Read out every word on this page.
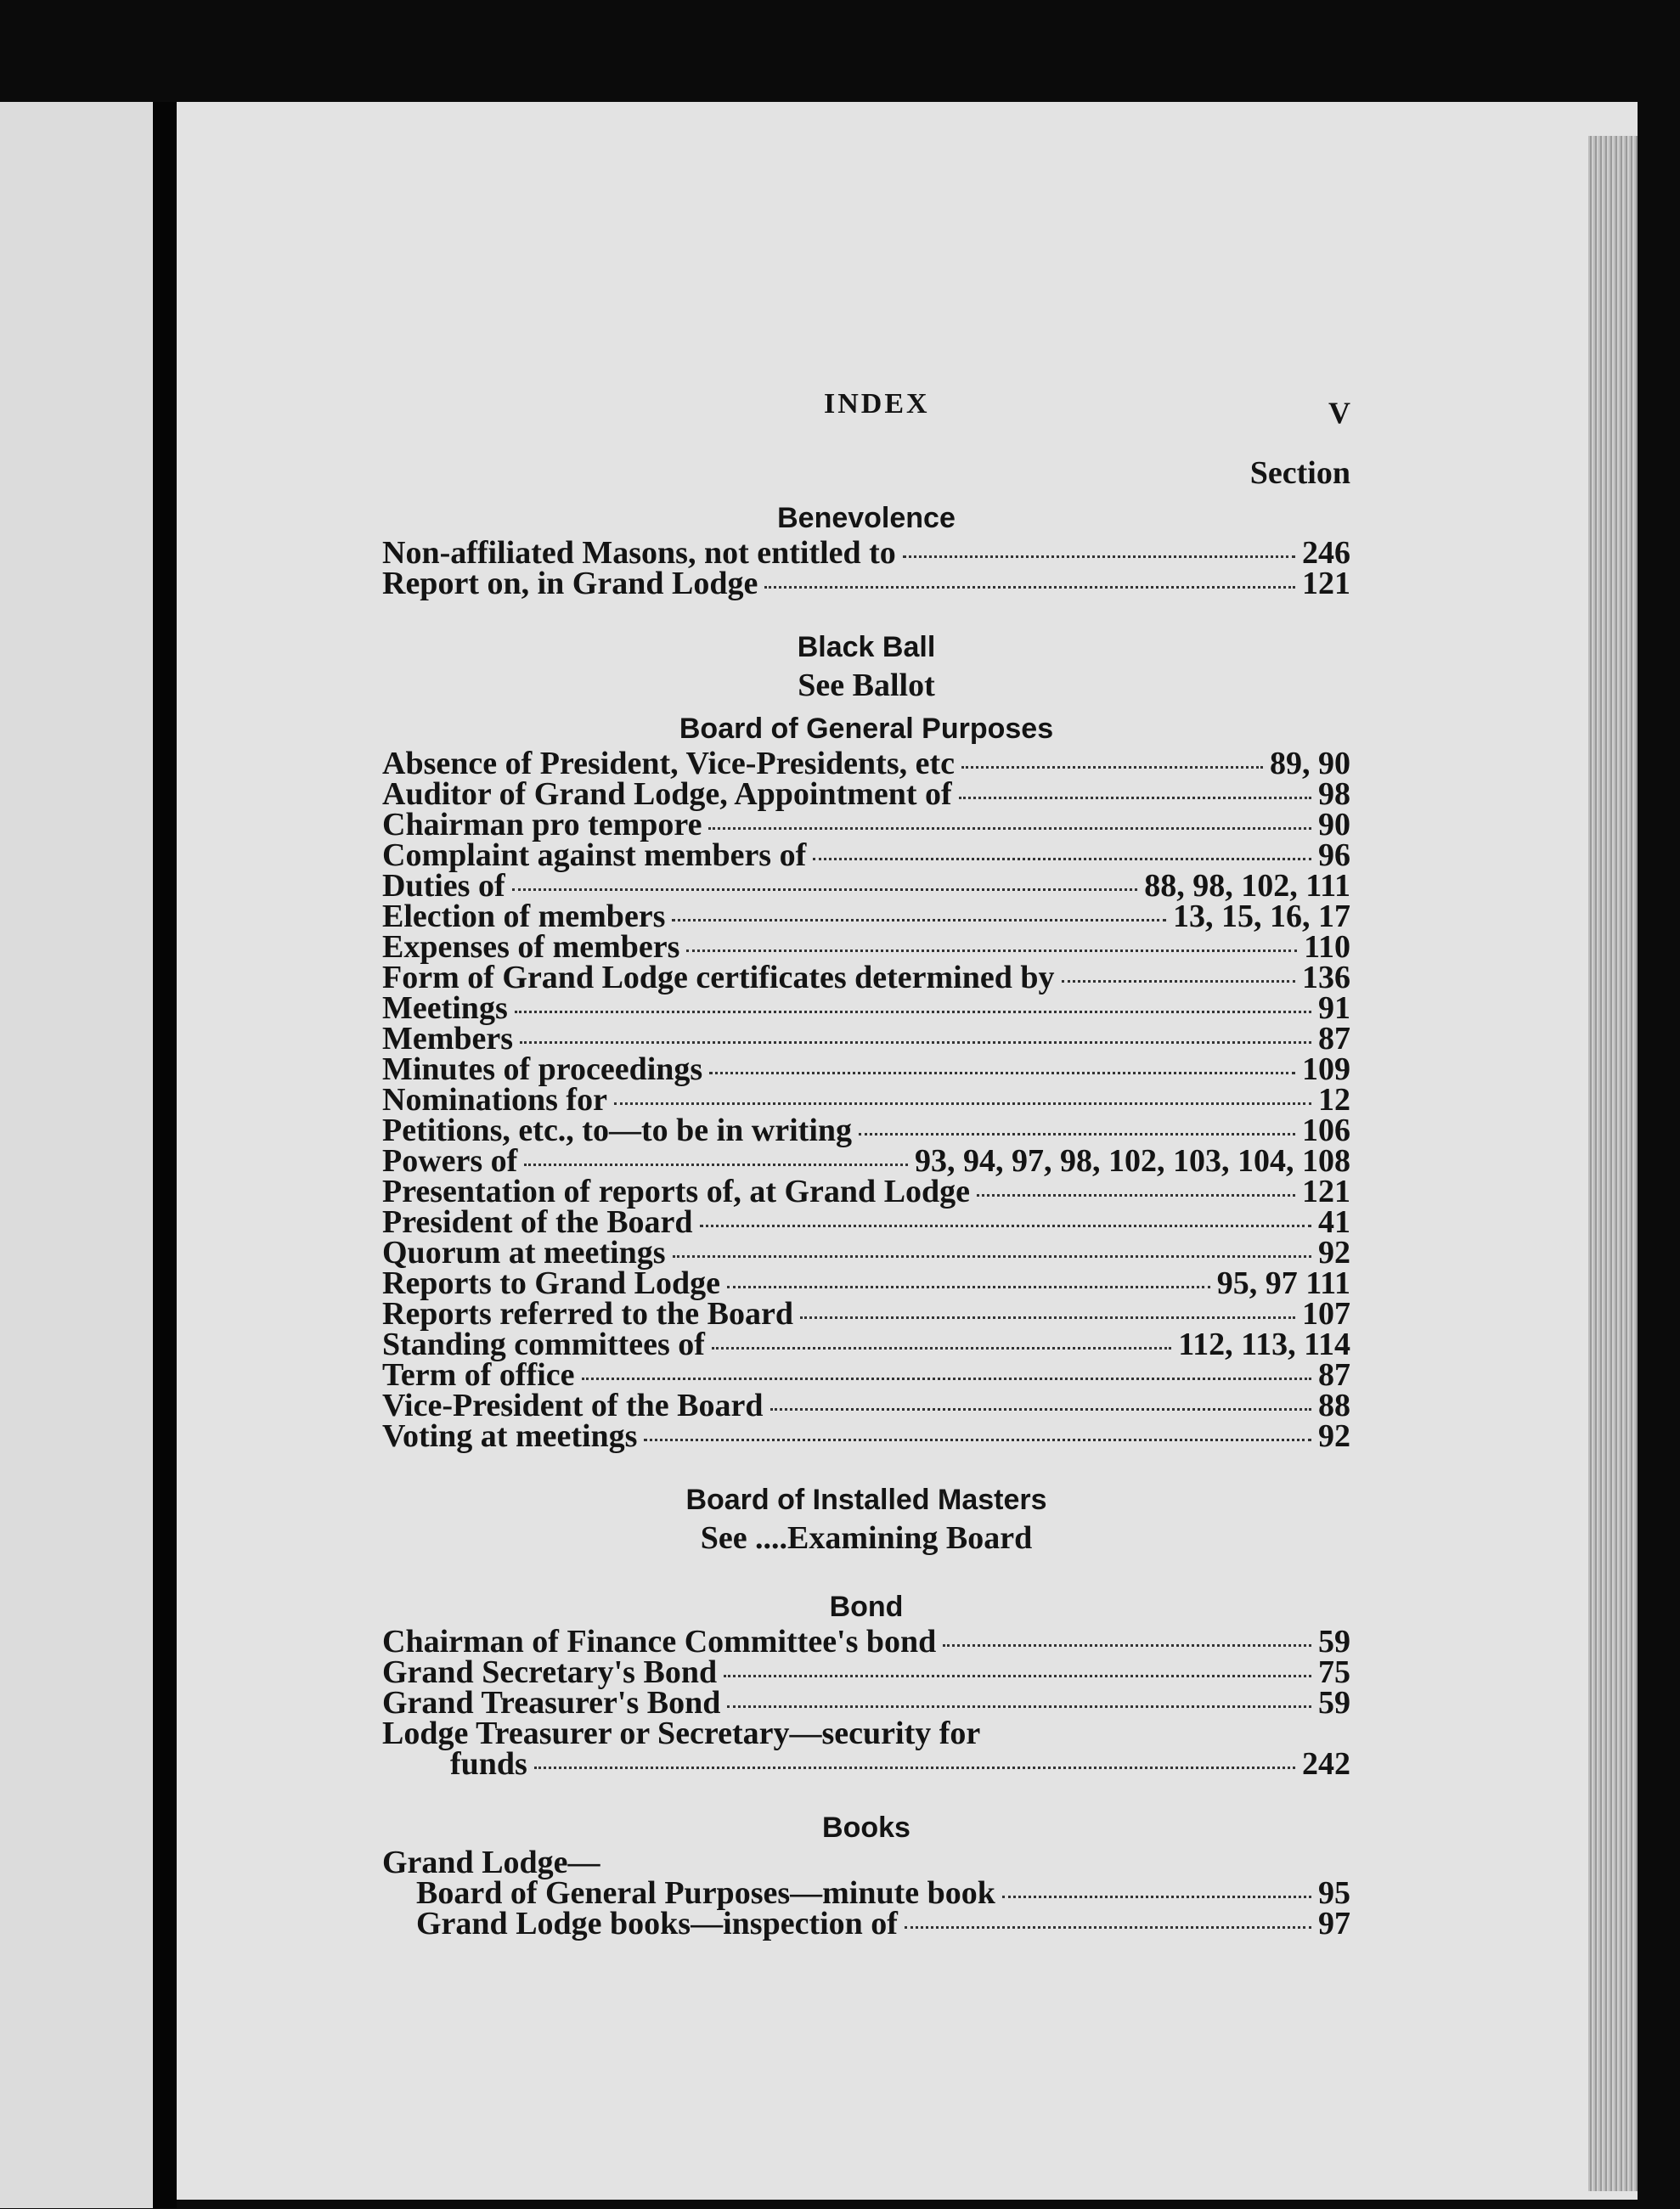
INDEX	V
Section
Benevolence
Non-affiliated Masons, not entitled to	246
Report on, in Grand Lodge	121
Black Ball
See Ballot
Board of General Purposes
Absence of President, Vice-Presidents, etc	89, 90
Auditor of Grand Lodge, Appointment of	98
Chairman pro tempore	90
Complaint against members of	96
Duties of	88, 98, 102, 111
Election of members	13, 15, 16, 17
Expenses of members	110
Form of Grand Lodge certificates determined by	136
Meetings	91
Members	87
Minutes of proceedings	109
Nominations for	12
Petitions, etc., to—to be in writing	106
Powers of	93, 94, 97, 98, 102, 103, 104, 108
Presentation of reports of, at Grand Lodge	121
President of the Board	41
Quorum at meetings	92
Reports to Grand Lodge	95, 97 111
Reports referred to the Board	107
Standing committees of	112, 113, 114
Term of office	87
Vice-President of the Board	88
Voting at meetings	92
Board of Installed Masters
See ....Examining Board
Bond
Chairman of Finance Committee's bond	59
Grand Secretary's Bond	75
Grand Treasurer's Bond	59
Lodge Treasurer or Secretary—security for
funds	242
Books
Grand Lodge—
Board of General Purposes—minute book	95
Grand Lodge books—inspection of	97
